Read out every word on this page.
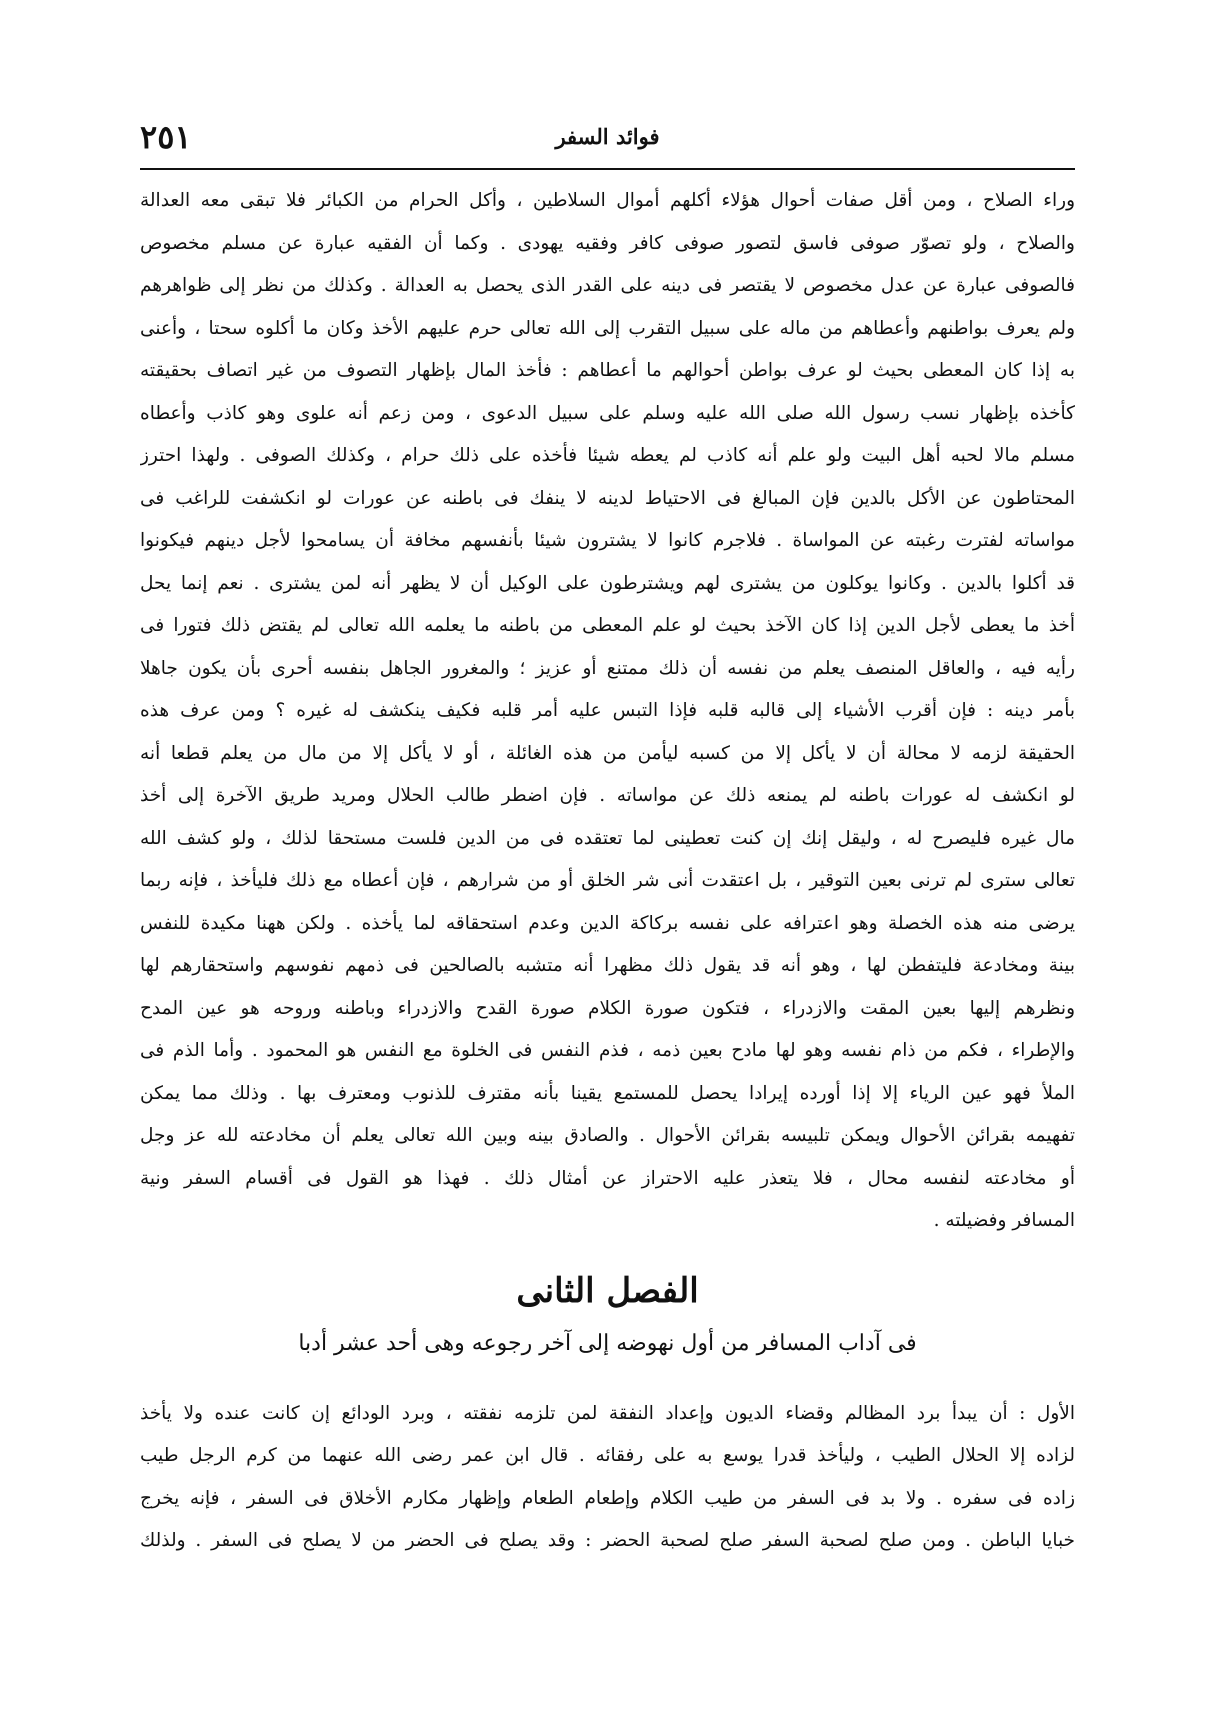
٢٥١	فوائد السفر
وراء الصلاح ، ومن أقل صفات أحوال هؤلاء أكلهم أموال السلاطين ، وأكل الحرام من الكبائر فلا تبقى معه العدالة
والصلاح ، ولو تصوّر صوفى فاسق لتصور صوفى كافر وفقيه يهودى . وكما أن الفقيه عبارة عن مسلم مخصوص
فالصوفى عبارة عن عدل مخصوص لا يقتصر فى دينه على القدر الذى يحصل به العدالة . وكذلك من نظر إلى ظواهرهم
ولم يعرف بواطنهم وأعطاهم من ماله على سبيل التقرب إلى الله تعالى حرم عليهم الأخذ وكان ما أكلوه سحتا ، وأعنى
به إذا كان المعطى بحيث لو عرف بواطن أحوالهم ما أعطاهم : فأخذ المال بإظهار التصوف من غير اتصاف بحقيقته
كأخذه بإظهار نسب رسول الله صلى الله عليه وسلم على سبيل الدعوى ، ومن زعم أنه علوى وهو كاذب وأعطاه
مسلم مالا لحبه أهل البيت ولو علم أنه كاذب لم يعطه شيئا فأخذه على ذلك حرام ، وكذلك الصوفى . ولهذا احترز
المحتاطون عن الأكل بالدين فإن المبالغ فى الاحتياط لدينه لا ينفك فى باطنه عن عورات لو انكشفت للراغب فى
مواساته لفترت رغبته عن المواساة . فلاجرم كانوا لا يشترون شيئا بأنفسهم مخافة أن يسامحوا لأجل دينهم فيكونوا
قد أكلوا بالدين . وكانوا يوكلون من يشترى لهم ويشترطون على الوكيل أن لا يظهر أنه لمن يشترى . نعم إنما يحل
أخذ ما يعطى لأجل الدين إذا كان الآخذ بحيث لو علم المعطى من باطنه ما يعلمه الله تعالى لم يقتض ذلك فتورا فى
رأيه فيه ، والعاقل المنصف يعلم من نفسه أن ذلك ممتنع أو عزيز ؛ والمغرور الجاهل بنفسه أحرى بأن يكون جاهلا
بأمر دينه : فإن أقرب الأشياء إلى قالبه قلبه فإذا التبس عليه أمر قلبه فكيف ينكشف له غيره ؟ ومن عرف هذه
الحقيقة لزمه لا محالة أن لا يأكل إلا من كسبه ليأمن من هذه الغائلة ، أو لا يأكل إلا من مال من يعلم قطعا أنه
لو انكشف له عورات باطنه لم يمنعه ذلك عن مواساته . فإن اضطر طالب الحلال ومريد طريق الآخرة إلى أخذ
مال غيره فليصرح له ، وليقل إنك إن كنت تعطينى لما تعتقده فى من الدين فلست مستحقا لذلك ، ولو كشف الله
تعالى سترى لم ترنى بعين التوقير ، بل اعتقدت أنى شر الخلق أو من شرارهم ، فإن أعطاه مع ذلك فليأخذ ، فإنه ربما
يرضى منه هذه الخصلة وهو اعترافه على نفسه بركاكة الدين وعدم استحقاقه لما يأخذه . ولكن ههنا مكيدة للنفس
بينة ومخادعة فليتفطن لها ، وهو أنه قد يقول ذلك مظهرا أنه متشبه بالصالحين فى ذمهم نفوسهم واستحقارهم لها
ونظرهم إليها بعين المقت والازدراء ، فتكون صورة الكلام صورة القدح والازدراء وباطنه وروحه هو عين المدح
والإطراء ، فكم من ذام نفسه وهو لها مادح بعين ذمه ، فذم النفس فى الخلوة مع النفس هو المحمود . وأما الذم فى
الملأ فهو عين الرياء إلا إذا أورده إيرادا يحصل للمستمع يقينا بأنه مقترف للذنوب ومعترف بها . وذلك مما يمكن
تفهيمه بقرائن الأحوال ويمكن تلبيسه بقرائن الأحوال . والصادق بينه وبين الله تعالى يعلم أن مخادعته لله عز وجل
أو مخادعته لنفسه محال ، فلا يتعذر عليه الاحتراز عن أمثال ذلك . فهذا هو القول فى أقسام السفر ونية
المسافر وفضيلته .
الفصل الثانى
فى آداب المسافر من أول نهوضه إلى آخر رجوعه وهى أحد عشر أدبا
الأول : أن يبدأ برد المظالم وقضاء الديون وإعداد النفقة لمن تلزمه نفقته ، وبرد الودائع إن كانت عنده ولا يأخذ
لزاده إلا الحلال الطيب ، وليأخذ قدرا يوسع به على رفقائه . قال ابن عمر رضى الله عنهما من كرم الرجل طيب
زاده فى سفره . ولا بد فى السفر من طيب الكلام وإطعام الطعام وإظهار مكارم الأخلاق فى السفر ، فإنه يخرج
خبايا الباطن . ومن صلح لصحبة السفر صلح لصحبة الحضر : وقد يصلح فى الحضر من لا يصلح فى السفر . ولذلك
